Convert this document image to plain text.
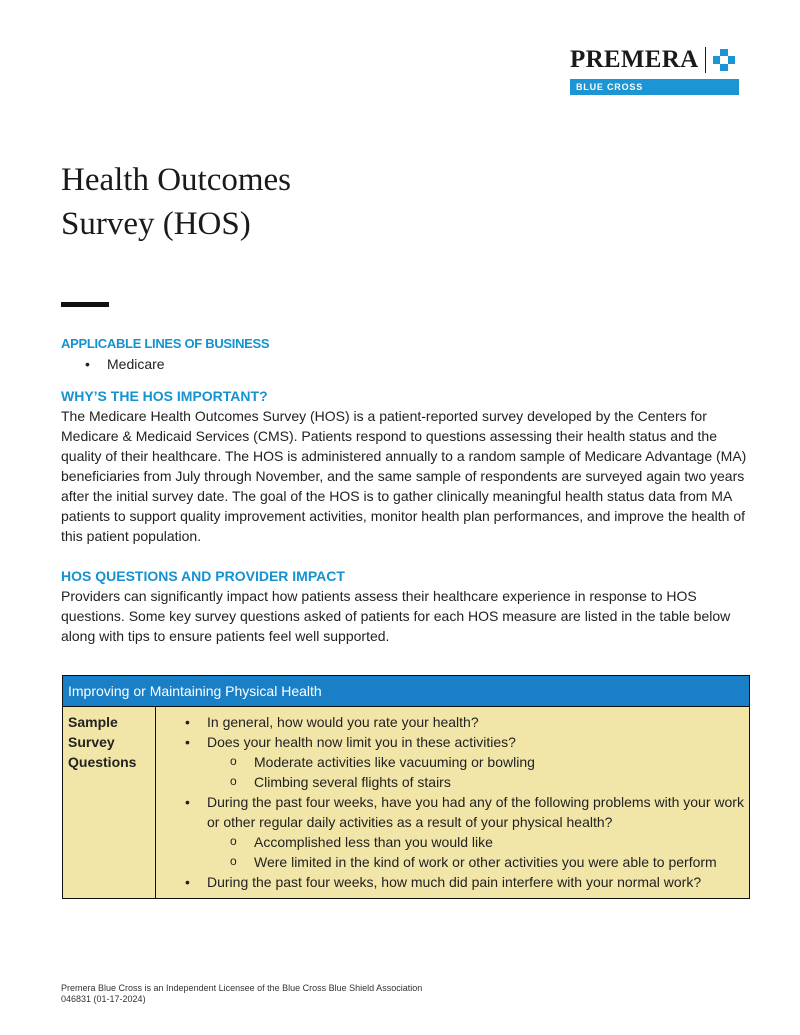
PREMERA
BLUE CROSS
Health Outcomes
Survey (HOS)
APPLICABLE LINES OF BUSINESS
• Medicare
WHY’S THE HOS IMPORTANT?

The Medicare Health Outcomes Survey (HOS) is a patient-reported survey developed by the Centers for Medicare & Medicaid Services (CMS). Patients respond to questions assessing their health status and the quality of their healthcare. The HOS is administered annually to a random sample of Medicare Advantage (MA) beneficiaries from July through November, and the same sample of respondents are surveyed again two years after the initial survey date. The goal of the HOS is to gather clinically meaningful health status data from MA patients to support quality improvement activities, monitor health plan performances, and improve the health of this patient population.

HOS QUESTIONS AND PROVIDER IMPACT

Providers can significantly impact how patients assess their healthcare experience in response to HOS questions. Some key survey questions asked of patients for each HOS measure are listed in the table below along with tips to ensure patients feel well supported.

Improving or Maintaining Physical Health

Sample
Survey
Questions

• In general, how would you rate your health?
• Does your health now limit you in these activities?
o Moderate activities like vacuuming or bowling
o Climbing several flights of stairs
• During the past four weeks, have you had any of the following problems with your work or other regular daily activities as a result of your physical health?
o Accomplished less than you would like
o Were limited in the kind of work or other activities you were able to perform
• During the past four weeks, how much did pain interfere with your normal work?
Premera Blue Cross is an Independent Licensee of the Blue Cross Blue Shield Association
046831 (01-17-2024)
